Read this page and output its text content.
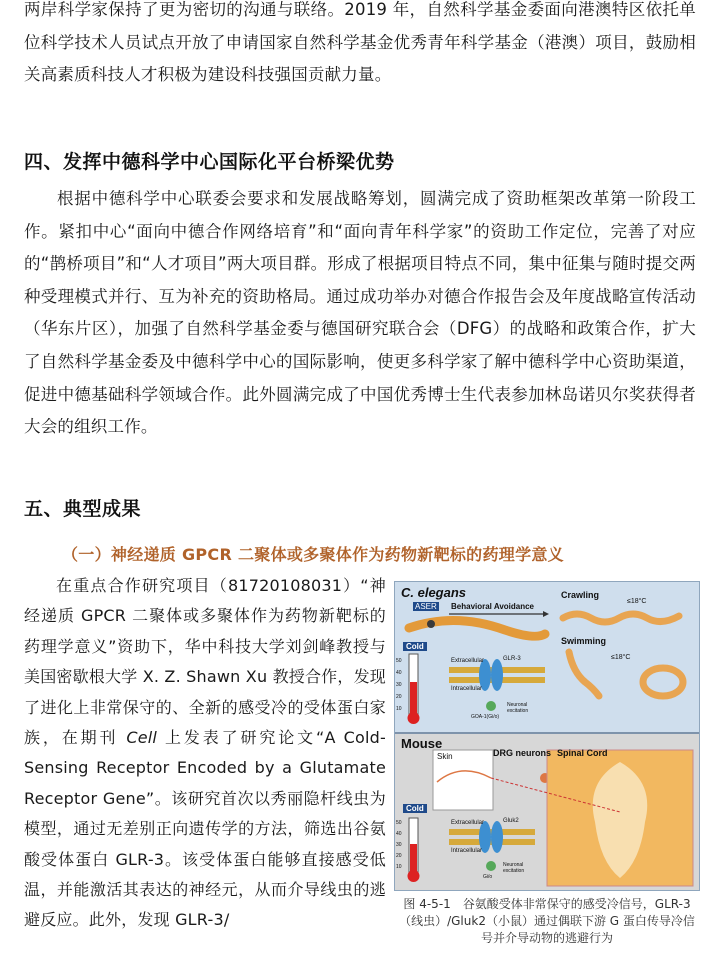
两岸科学家保持了更为密切的沟通与联络。2019 年，自然科学基金委面向港澳特区依托单位科学技术人员试点开放了申请国家自然科学基金优秀青年科学基金（港澳）项目，鼓励相关高素质科技人才积极为建设科技强国贡献力量。

四、发挥中德科学中心国际化平台桥梁优势

根据中德科学中心联委会要求和发展战略筹划，圆满完成了资助框架改革第一阶段工作。紧扣中心“面向中德合作网络培育”和“面向青年科学家”的资助工作定位，完善了对应的“鹊桥项目”和“人才项目”两大项目群。形成了根据项目特点不同，集中征集与随时提交两种受理模式并行、互为补充的资助格局。通过成功举办对德合作报告会及年度战略宣传活动（华东片区），加强了自然科学基金委与德国研究联合会（DFG）的战略和政策合作，扩大了自然科学基金委及中德科学中心的国际影响，使更多科学家了解中德科学中心资助渠道，促进中德基础科学领域合作。此外圆满完成了中国优秀博士生代表参加林岛诺贝尔奖获得者大会的组织工作。

五、典型成果
（一）神经递质 GPCR 二聚体或多聚体作为药物新靶标的药理学意义

在重点合作研究项目（81720108031）“神经递质 GPCR 二聚体或多聚体作为药物新靶标的药理学意义”资助下，华中科技大学刘剑峰教授与美国密歇根大学 X. Z. Shawn Xu 教授合作，发现了进化上非常保守的、全新的感受冷的受体蛋白家族，在期刊 Cell 上发表了研究论文“A Cold-Sensing Receptor Encoded by a Glutamate Receptor Gene”。该研究首次以秀丽隐杆线虫为模型，通过无差别正向遗传学的方法，筛选出谷氨酸受体蛋白 GLR-3。该受体蛋白能够直接感受低温，并能激活其表达的神经元，从而介导线虫的逃避反应。此外，发现 GLR-3/

C. elegans
ASER Behavioral Avoidance
Crawling
≤18°C
Swimming
≤18°C
Cold
Extracellular
Intracellular
GLR-3
GOA-1(Gi/o)
Neuronal excitation
Mouse
Skin	DRG neurons Spinal Cord
Cold
Extracellular
Intracellular
Gluk2
Gi/o
Neuronal excitation
50
40
30
20
10
50
40
30
20
10

图 4-5-1　谷氨酸受体非常保守的感受冷信号，GLR-3（线虫）/Gluk2（小鼠）通过偶联下游 G 蛋白传导冷信号并介导动物的逃避行为
